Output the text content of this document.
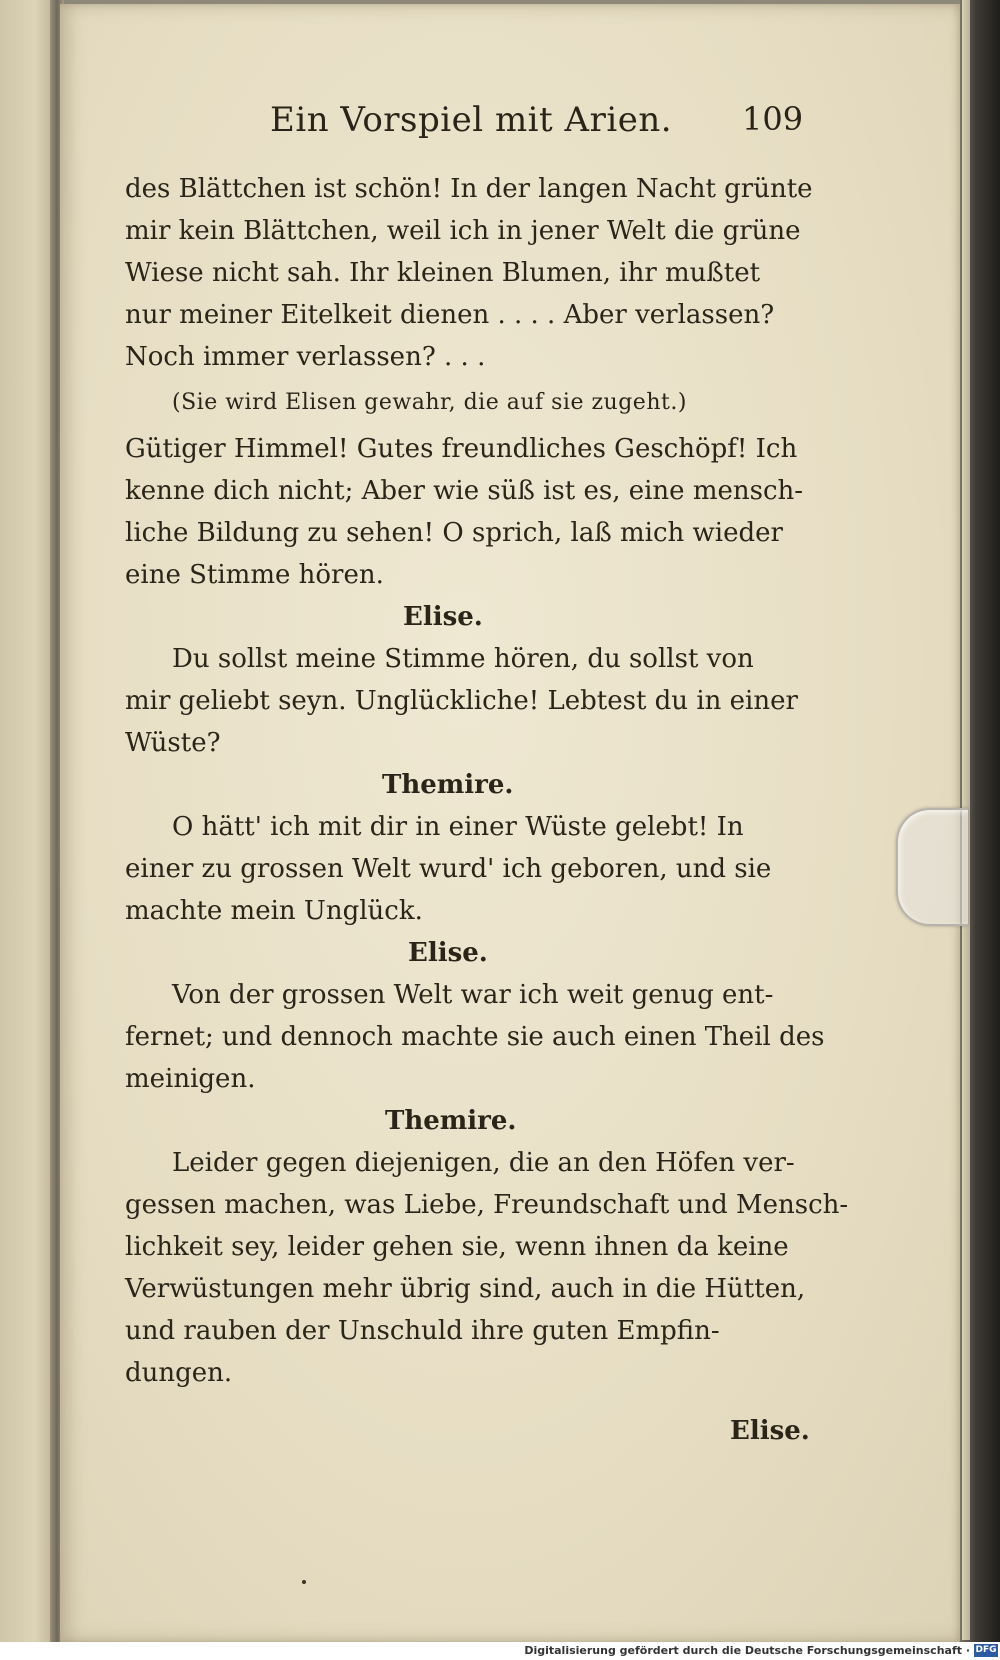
Ein Vorspiel mit Arien. 109
des Blättchen ist schön! In der langen Nacht grünte
mir kein Blättchen, weil ich in jener Welt die grüne
Wiese nicht sah. Ihr kleinen Blumen, ihr mußtet
nur meiner Eitelkeit dienen . . . . Aber verlassen?
Noch immer verlassen? . . .
(Sie wird Elisen gewahr, die auf sie zugeht.)
Gütiger Himmel! Gutes freundliches Geschöpf! Ich
kenne dich nicht; Aber wie süß ist es, eine mensch-
liche Bildung zu sehen! O sprich, laß mich wieder
eine Stimme hören.
Elise.
Du sollst meine Stimme hören, du sollst von
mir geliebt seyn. Unglückliche! Lebtest du in einer
Wüste?
Themire.
O hätt' ich mit dir in einer Wüste gelebt! In
einer zu grossen Welt wurd' ich geboren, und sie
machte mein Unglück.
Elise.
Von der grossen Welt war ich weit genug ent-
fernet; und dennoch machte sie auch einen Theil des
meinigen.
Themire.
Leider gegen diejenigen, die an den Höfen ver-
gessen machen, was Liebe, Freundschaft und Mensch-
lichkeit sey, leider gehen sie, wenn ihnen da keine
Verwüstungen mehr übrig sind, auch in die Hütten,
und rauben der Unschuld ihre guten Empfin-
dungen.
Elise.
Digitalisierung gefördert durch die Deutsche Forschungsgemeinschaft · DFG
